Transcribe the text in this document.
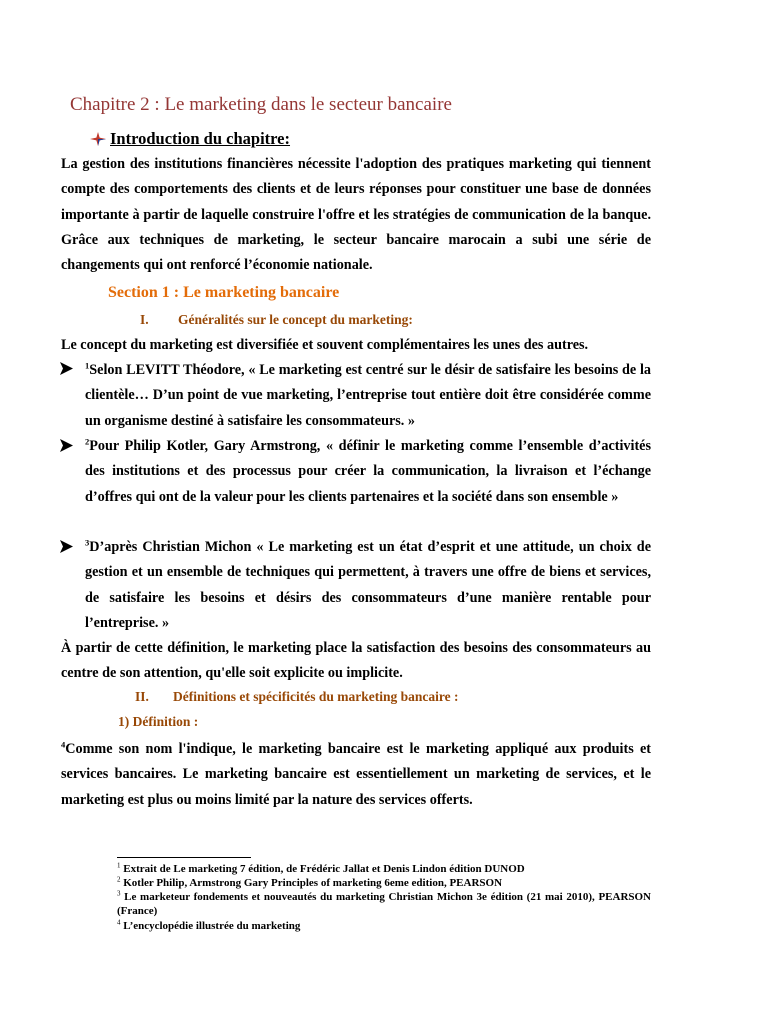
Chapitre 2 : Le marketing dans le secteur bancaire
Introduction du chapitre:
La gestion des institutions financières nécessite l'adoption des pratiques marketing qui tiennent compte des comportements des clients et de leurs réponses pour constituer une base de données importante à partir de laquelle construire l'offre et les stratégies de communication de la banque. Grâce aux techniques de marketing, le secteur bancaire marocain a subi une série de changements qui ont renforcé l’économie nationale.
Section 1 : Le marketing bancaire
I. Généralités sur le concept du marketing:
Le concept du marketing est diversifiée et souvent complémentaires les unes des autres.
$^1$Selon LEVITT Théodore, « Le marketing est centré sur le désir de satisfaire les besoins de la clientèle… D’un point de vue marketing, l’entreprise tout entière doit être considérée comme un organisme destiné à satisfaire les consommateurs. »
$^2$Pour Philip Kotler, Gary Armstrong, « définir le marketing comme l’ensemble d’activités des institutions et des processus pour créer la communication, la livraison et l’échange d’offres qui ont de la valeur pour les clients partenaires et la société dans son ensemble »
$^3$D’après Christian Michon « Le marketing est un état d’esprit et une attitude, un choix de gestion et un ensemble de techniques qui permettent, à travers une offre de biens et services, de satisfaire les besoins et désirs des consommateurs d’une manière rentable pour l’entreprise. »
À partir de cette définition, le marketing place la satisfaction des besoins des consommateurs au centre de son attention, qu'elle soit explicite ou implicite.
II. Définitions et spécificités du marketing bancaire :
1) Définition :
$^4$Comme son nom l'indique, le marketing bancaire est le marketing appliqué aux produits et services bancaires. Le marketing bancaire est essentiellement un marketing de services, et le marketing est plus ou moins limité par la nature des services offerts.
$^1$ Extrait de Le marketing 7 édition, de Frédéric Jallat et Denis Lindon édition DUNOD
$^2$ Kotler Philip, Armstrong Gary Principles of marketing 6eme edition, PEARSON
$^3$ Le marketeur fondements et nouveautés du marketing Christian Michon 3e édition (21 mai 2010), PEARSON (France)
$^4$ L’encyclopédie illustrée du marketing
